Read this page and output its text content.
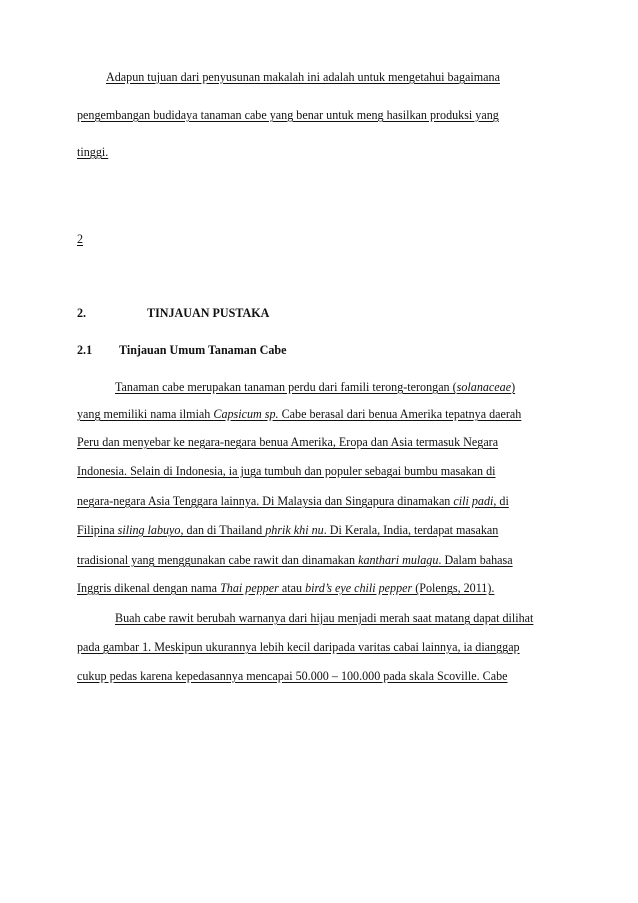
Adapun tujuan dari penyusunan makalah ini adalah untuk mengetahui bagaimana
pengembangan budidaya tanaman cabe yang benar untuk meng hasilkan produksi yang
tinggi.
2
2.	TINJAUAN PUSTAKA
2.1 Tinjauan Umum Tanaman Cabe
Tanaman cabe merupakan tanaman perdu dari famili terong-terongan (solanaceae)
yang memiliki nama ilmiah Capsicum sp. Cabe berasal dari benua Amerika tepatnya daerah
Peru dan menyebar ke negara-negara benua Amerika, Eropa dan Asia termasuk Negara
Indonesia. Selain di Indonesia, ia juga tumbuh dan populer sebagai bumbu masakan di
negara-negara Asia Tenggara lainnya. Di Malaysia dan Singapura dinamakan cili padi, di
Filipina siling labuyo, dan di Thailand phrik khi nu. Di Kerala, India, terdapat masakan
tradisional yang menggunakan cabe rawit dan dinamakan kanthari mulagu. Dalam bahasa
Inggris dikenal dengan nama Thai pepper atau bird’s eye chili pepper (Polengs, 2011).
Buah cabe rawit berubah warnanya dari hijau menjadi merah saat matang dapat dilihat
pada gambar 1. Meskipun ukurannya lebih kecil daripada varitas cabai lainnya, ia dianggap
cukup pedas karena kepedasannya mencapai 50.000 – 100.000 pada skala Scoville. Cabe
